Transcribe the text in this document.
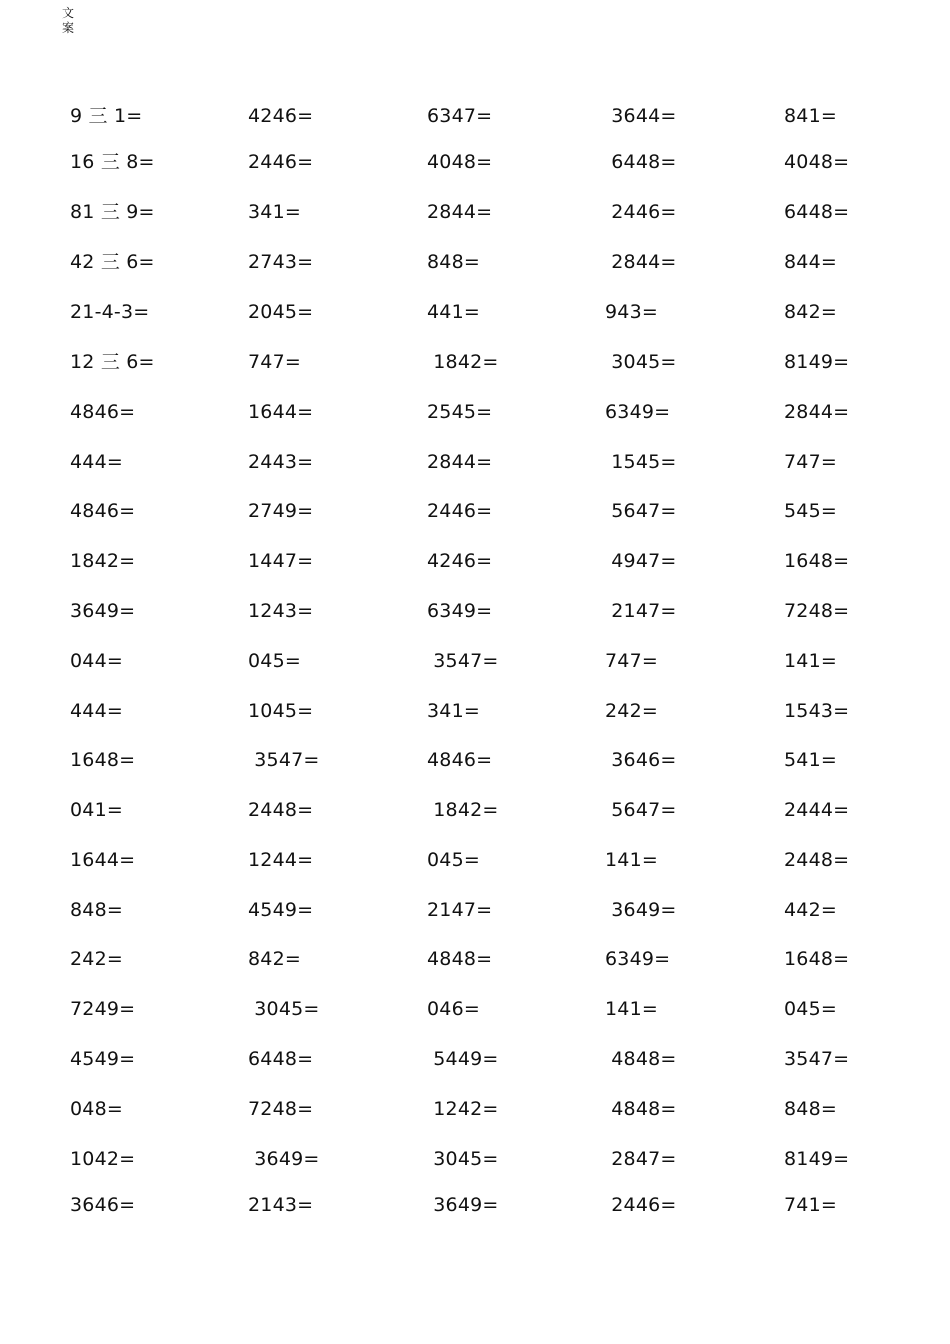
文案
9 三 1=	4246=	6347=	3644=	841=
16 三 8=	2446=	4048=	6448=	4048=
81 三 9=	341=	2844=	2446=	6448=
42 三 6=	2743=	848=	2844=	844=
21-4-3=	2045=	441=	943=	842=
12 三 6=	747=	1842=	3045=	8149=
4846=	1644=	2545=	6349=	2844=
444=	2443=	2844=	1545=	747=
4846=	2749=	2446=	5647=	545=
1842=	1447=	4246=	4947=	1648=
3649=	1243=	6349=	2147=	7248=
044=	045=	3547=	747=	141=
444=	1045=	341=	242=	1543=
1648=	3547=	4846=	3646=	541=
041=	2448=	1842=	5647=	2444=
1644=	1244=	045=	141=	2448=
848=	4549=	2147=	3649=	442=
242=	842=	4848=	6349=	1648=
7249=	3045=	046=	141=	045=
4549=	6448=	5449=	4848=	3547=
048=	7248=	1242=	4848=	848=
1042=	3649=	3045=	2847=	8149=
3646=	2143=	3649=	2446=	741=
